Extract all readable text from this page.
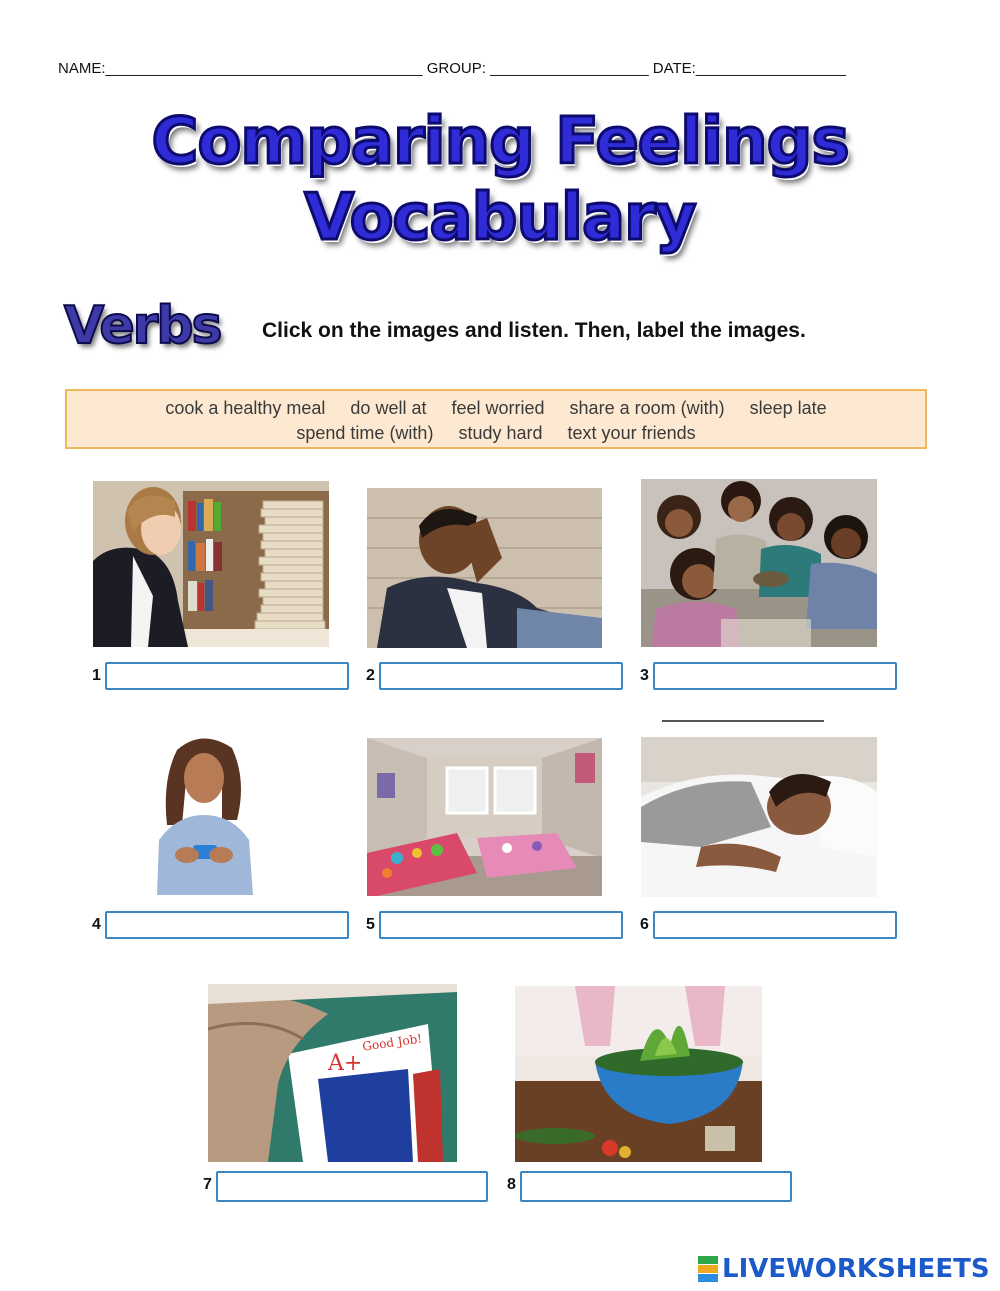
NAME:______________________________________ GROUP: ___________________ DATE:__________________
Comparing Feelings
Vocabulary
Verbs Click on the images and listen. Then, label the images.
cook a healthy meal do well at feel worried share a room (with) sleep late
spend time (with) study hard text your friends
1	2	3
4	5	6
A+
Good Job!
7	8
LIVEWORKSHEETS
